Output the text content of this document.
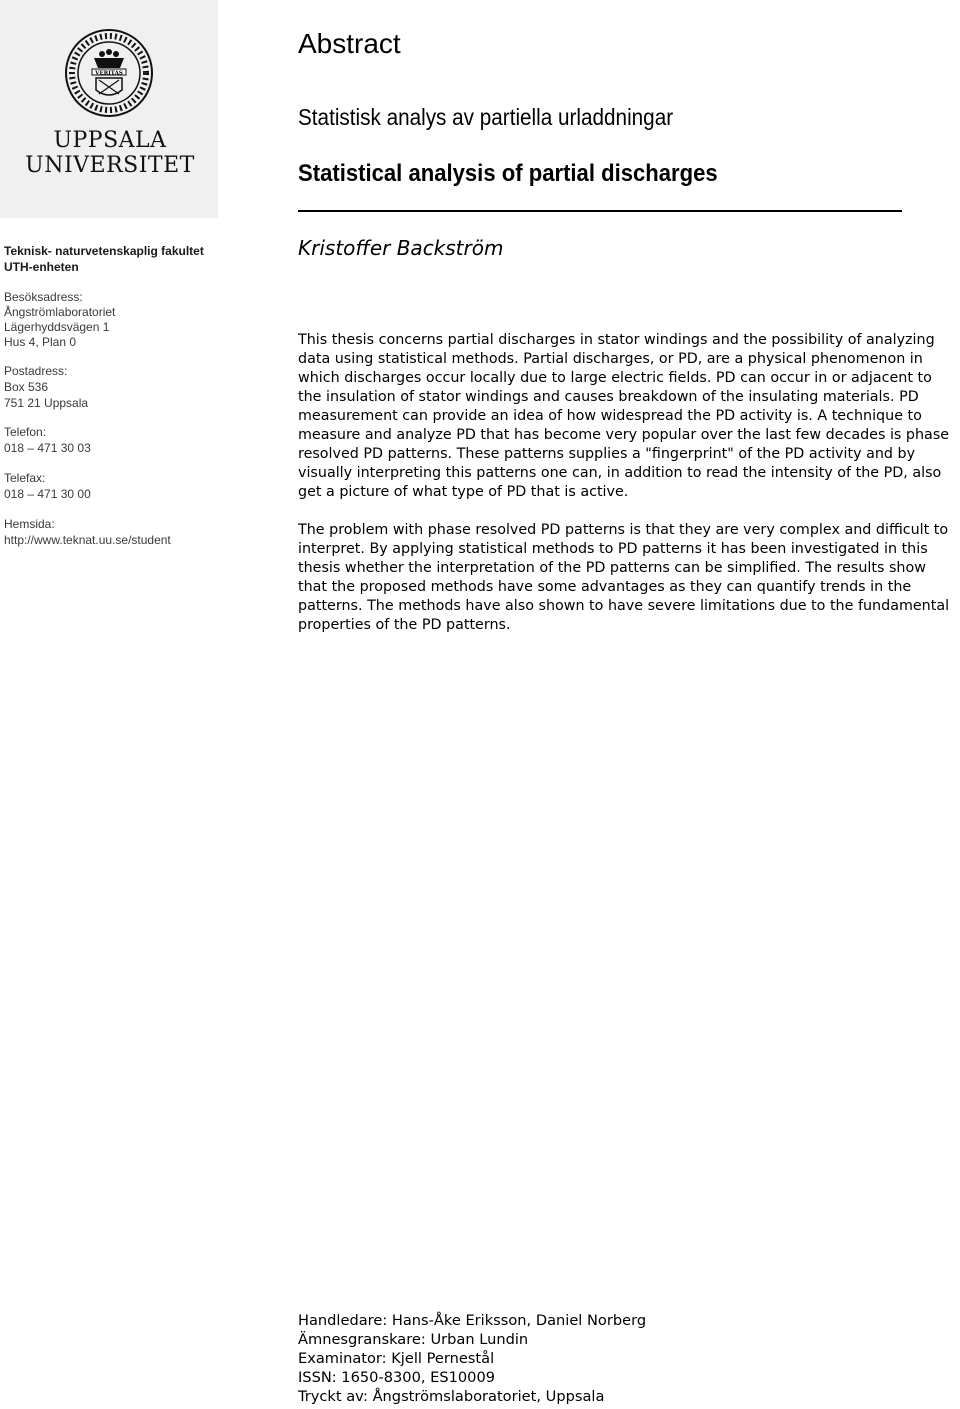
VERITAS
UPPSALA
UNIVERSITET
Teknisk- naturvetenskaplig fakultet
UTH-enheten
Besöksadress:
Ångströmlaboratoriet
Lägerhyddsvägen 1
Hus 4, Plan 0
Postadress:
Box 536
751 21 Uppsala
Telefon:
018 – 471 30 03
Telefax:
018 – 471 30 00
Hemsida:
http://www.teknat.uu.se/student
Abstract
Statistisk analys av partiella urladdningar
Statistical analysis of partial discharges
Kristoffer Backström

This thesis concerns partial discharges in stator windings and the possibility of analyzing data using statistical methods. Partial discharges, or PD, are a physical phenomenon in which discharges occur locally due to large electric fields. PD can occur in or adjacent to the insulation of stator windings and causes breakdown of the insulating materials. PD measurement can provide an idea of how widespread the PD activity is. A technique to measure and analyze PD that has become very popular over the last few decades is phase resolved PD patterns. These patterns supplies a "fingerprint" of the PD activity and by visually interpreting this patterns one can, in addition to read the intensity of the PD, also get a picture of what type of PD that is active.

The problem with phase resolved PD patterns is that they are very complex and difficult to interpret. By applying statistical methods to PD patterns it has been investigated in this thesis whether the interpretation of the PD patterns can be simplified. The results show that the proposed methods have some advantages as they can quantify trends in the patterns. The methods have also shown to have severe limitations due to the fundamental properties of the PD patterns.

Handledare: Hans-Åke Eriksson, Daniel Norberg
Ämnesgranskare: Urban Lundin
Examinator: Kjell Pernestål
ISSN: 1650-8300, ES10009
Tryckt av: Ångströmslaboratoriet, Uppsala
